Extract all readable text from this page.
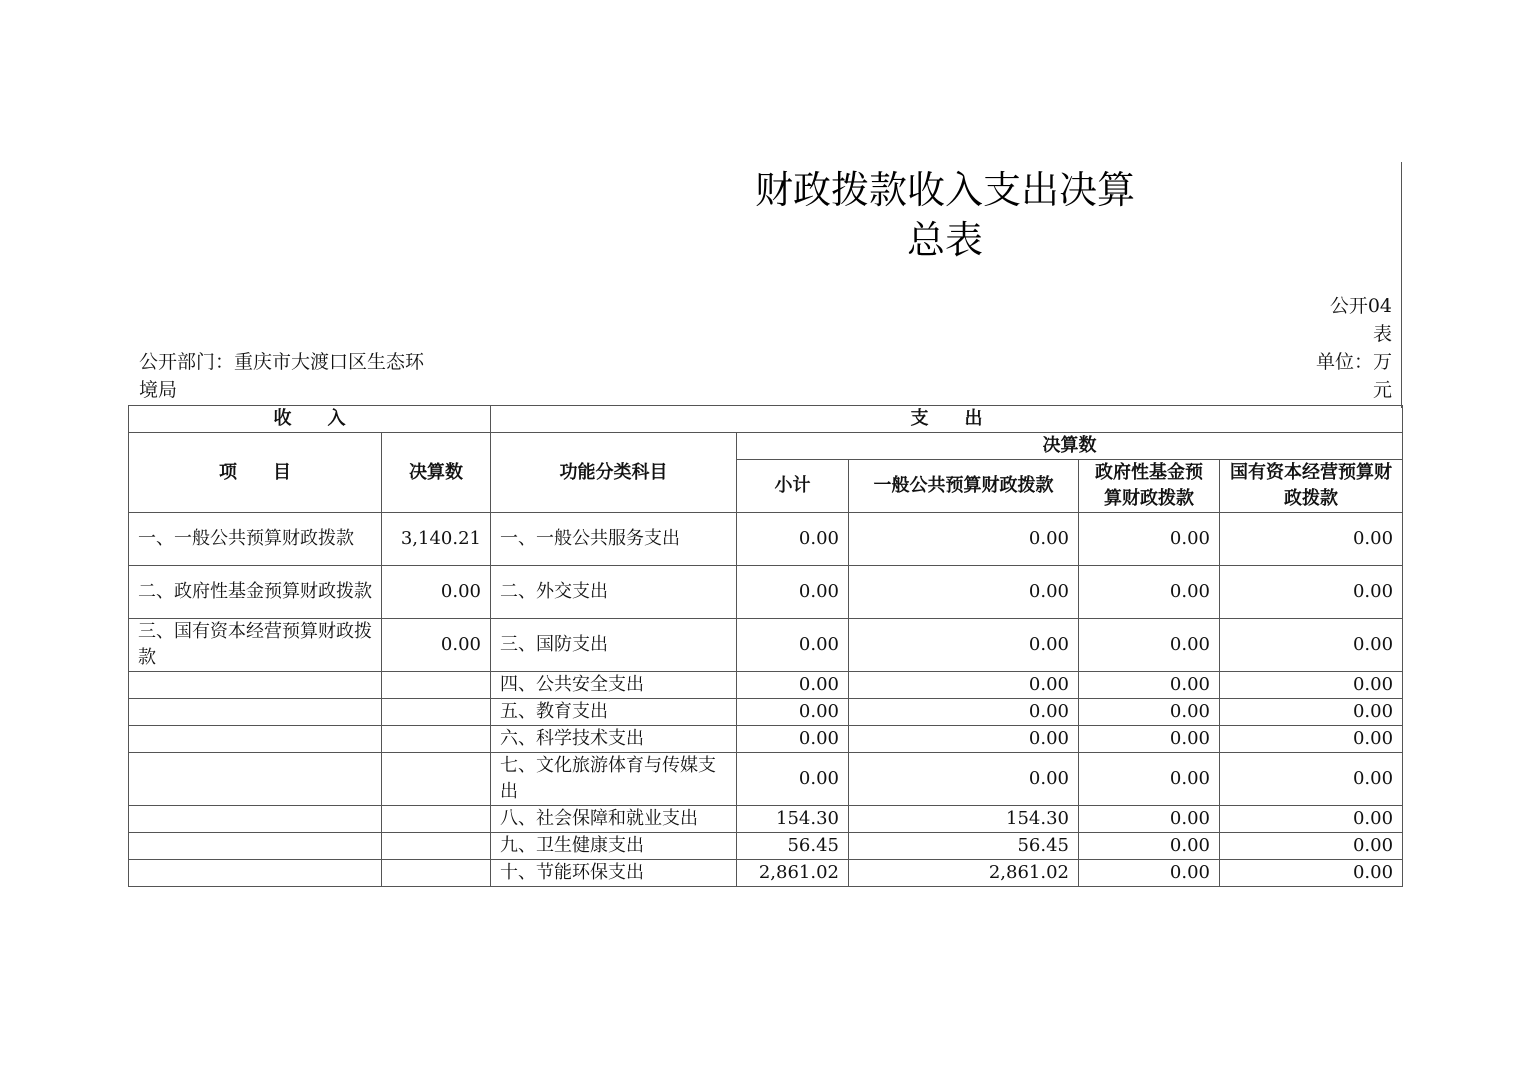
财政拨款收入支出决算
总表
公开04
表
单位：万
元
公开部门：重庆市大渡口区生态环
境局
收　　入		支　　出				
项　　目	决算数	功能分类科目	决算数			
			小计	一般公共预算财政拨款	政府性基金预算财政拨款	国有资本经营预算财政拨款
一、一般公共预算财政拨款	3,140.21	一、一般公共服务支出	0.00	0.00	0.00	0.00
二、政府性基金预算财政拨款	0.00	二、外交支出	0.00	0.00	0.00	0.00
三、国有资本经营预算财政拨款	0.00	三、国防支出	0.00	0.00	0.00	0.00
		四、公共安全支出	0.00	0.00	0.00	0.00
		五、教育支出	0.00	0.00	0.00	0.00
		六、科学技术支出	0.00	0.00	0.00	0.00
		七、文化旅游体育与传媒支出	0.00	0.00	0.00	0.00
		八、社会保障和就业支出	154.30	154.30	0.00	0.00
		九、卫生健康支出	56.45	56.45	0.00	0.00
		十、节能环保支出	2,861.02	2,861.02	0.00	0.00
